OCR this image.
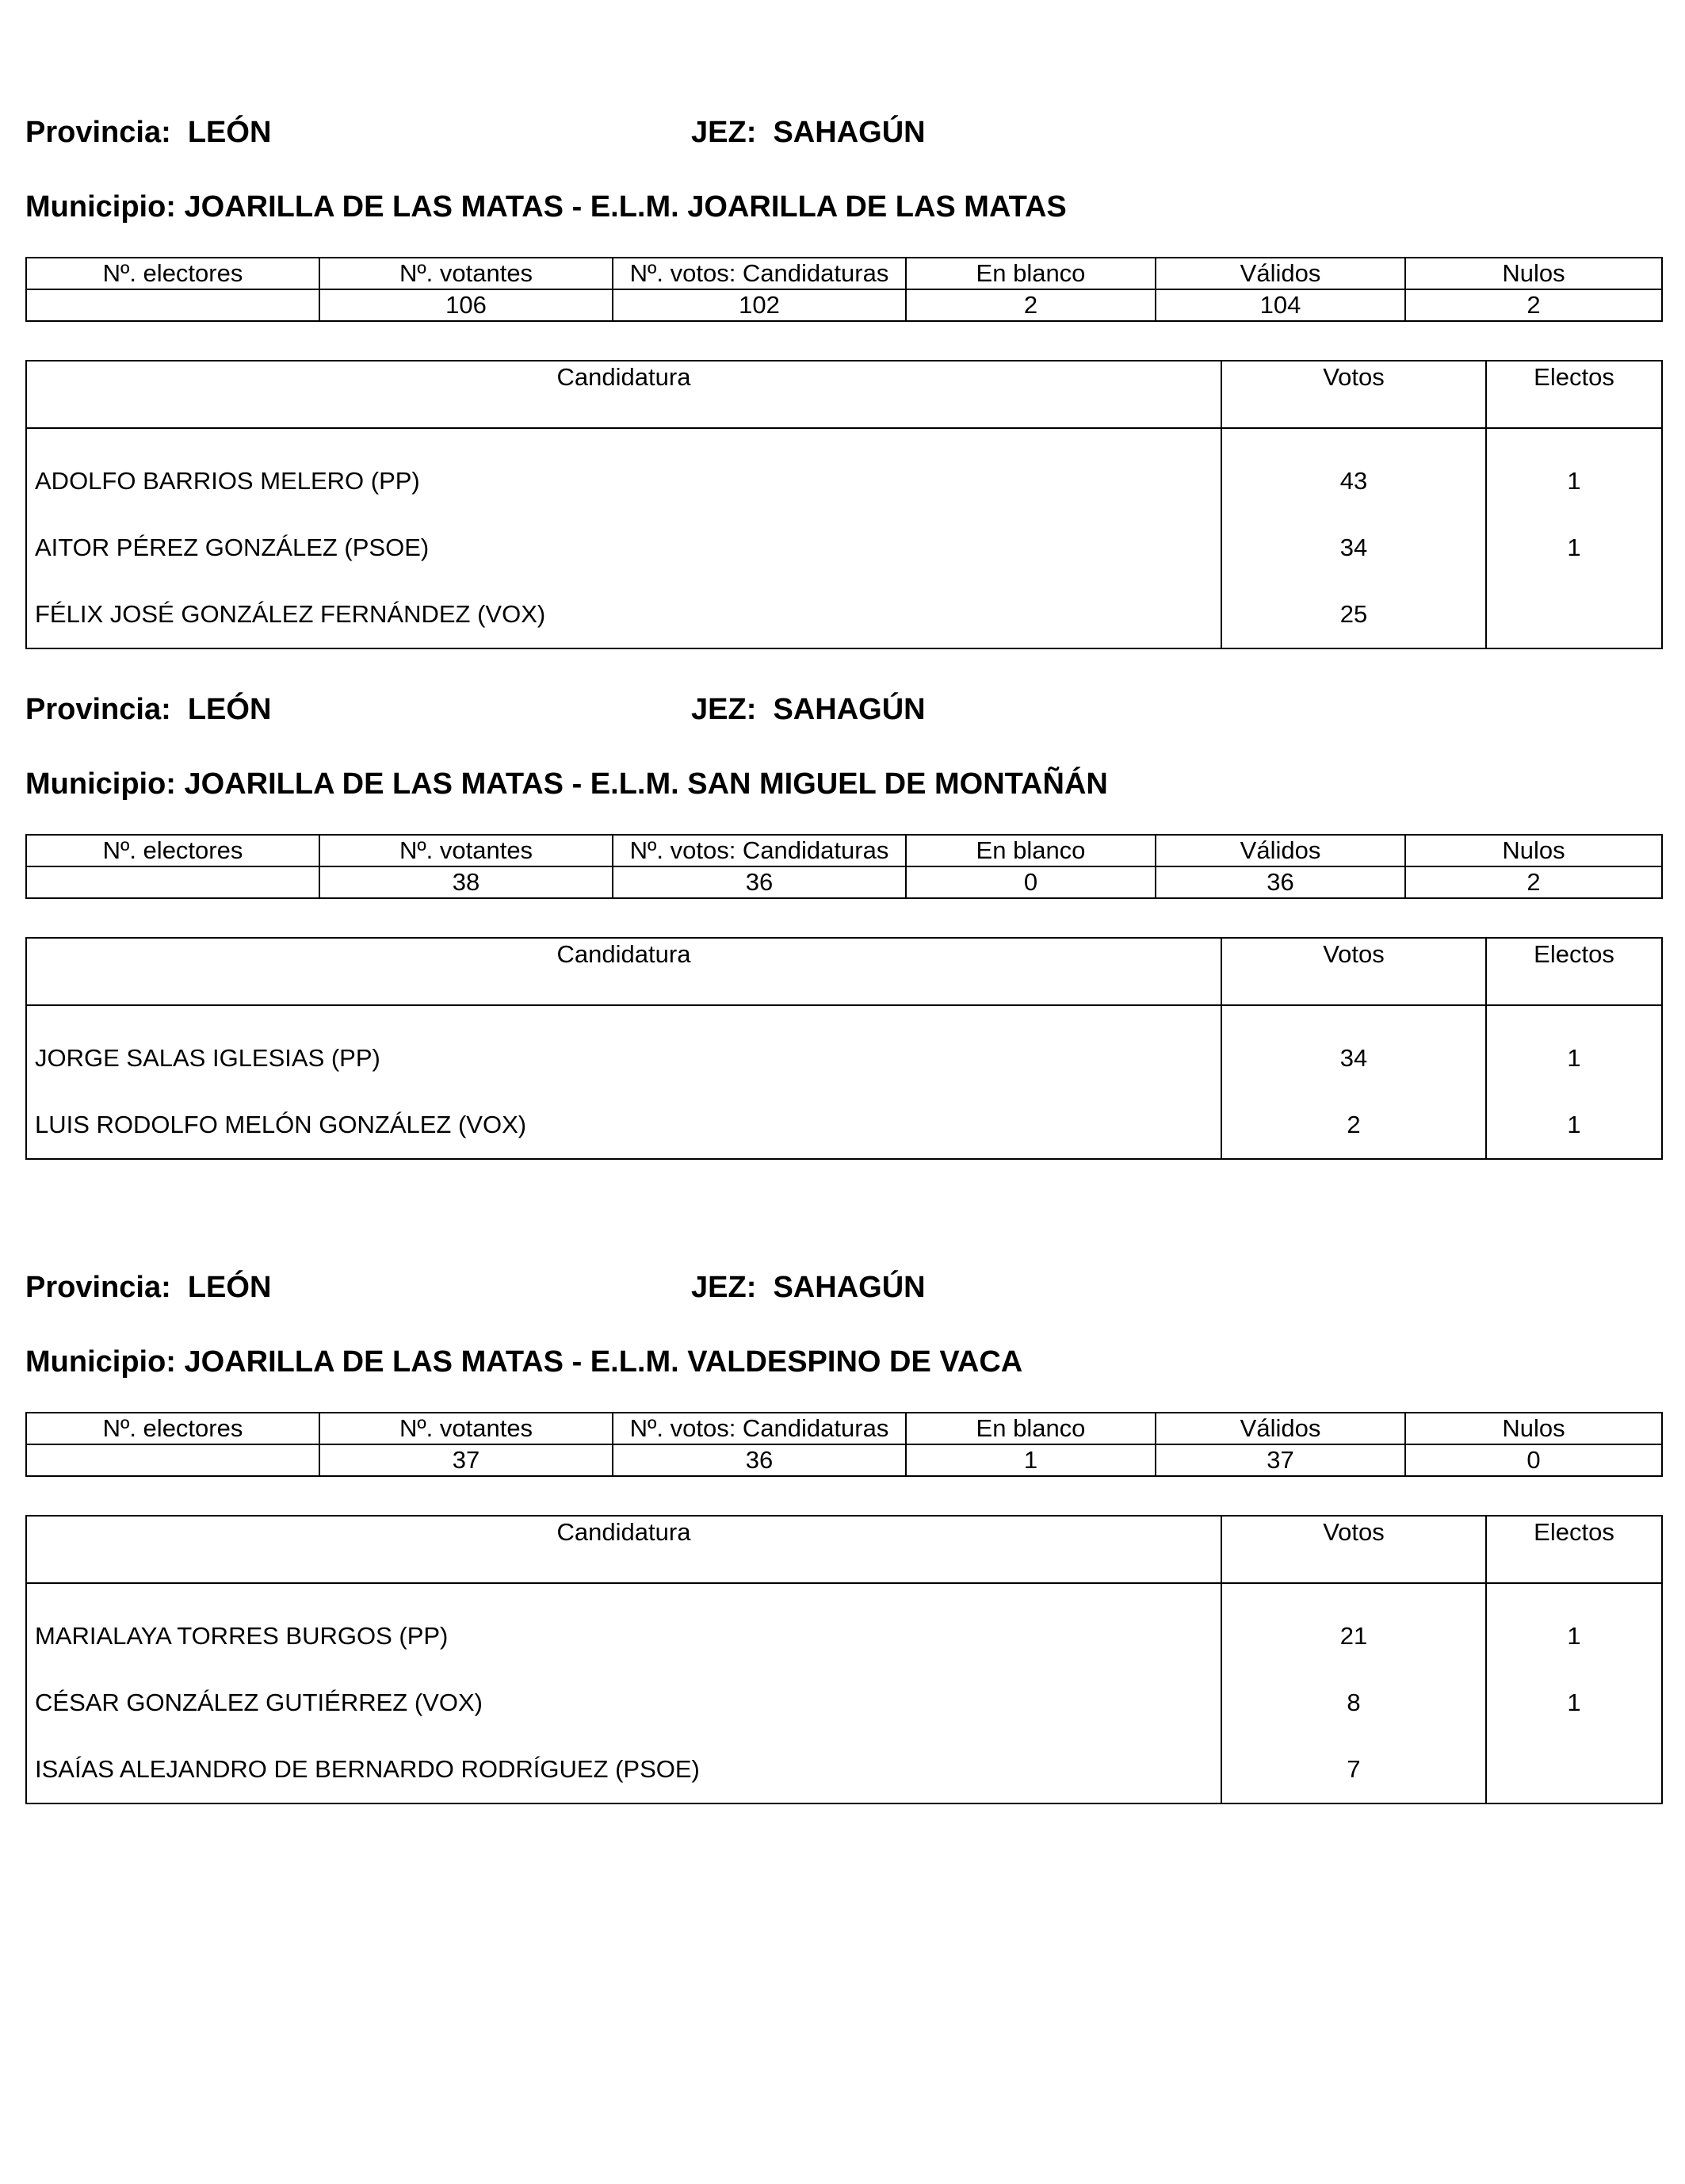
Provincia:  LEÓN	JEZ:  SAHAGÚN
Municipio: JOARILLA DE LAS MATAS - E.L.M. JOARILLA DE LAS MATAS
Nº. electores	Nº. votantes	Nº. votos: Candidaturas	En blanco	Válidos	Nulos
	106	102	2	104	2
Candidatura	Votos	Electos
ADOLFO BARRIOS MELERO (PP)	43	1
AITOR PÉREZ GONZÁLEZ (PSOE)	34	1
FÉLIX JOSÉ GONZÁLEZ FERNÁNDEZ (VOX)	25	
Provincia:  LEÓN	JEZ:  SAHAGÚN
Municipio: JOARILLA DE LAS MATAS - E.L.M. SAN MIGUEL DE MONTAÑÁN
Nº. electores	Nº. votantes	Nº. votos: Candidaturas	En blanco	Válidos	Nulos
	38	36	0	36	2
Candidatura	Votos	Electos
JORGE SALAS IGLESIAS (PP)	34	1
LUIS RODOLFO MELÓN GONZÁLEZ (VOX)	2	1
Provincia:  LEÓN	JEZ:  SAHAGÚN
Municipio: JOARILLA DE LAS MATAS - E.L.M. VALDESPINO DE VACA
Nº. electores	Nº. votantes	Nº. votos: Candidaturas	En blanco	Válidos	Nulos
	37	36	1	37	0
Candidatura	Votos	Electos
MARIALAYA TORRES BURGOS (PP)	21	1
CÉSAR GONZÁLEZ GUTIÉRREZ (VOX)	8	1
ISAÍAS ALEJANDRO DE BERNARDO RODRÍGUEZ (PSOE)	7	
